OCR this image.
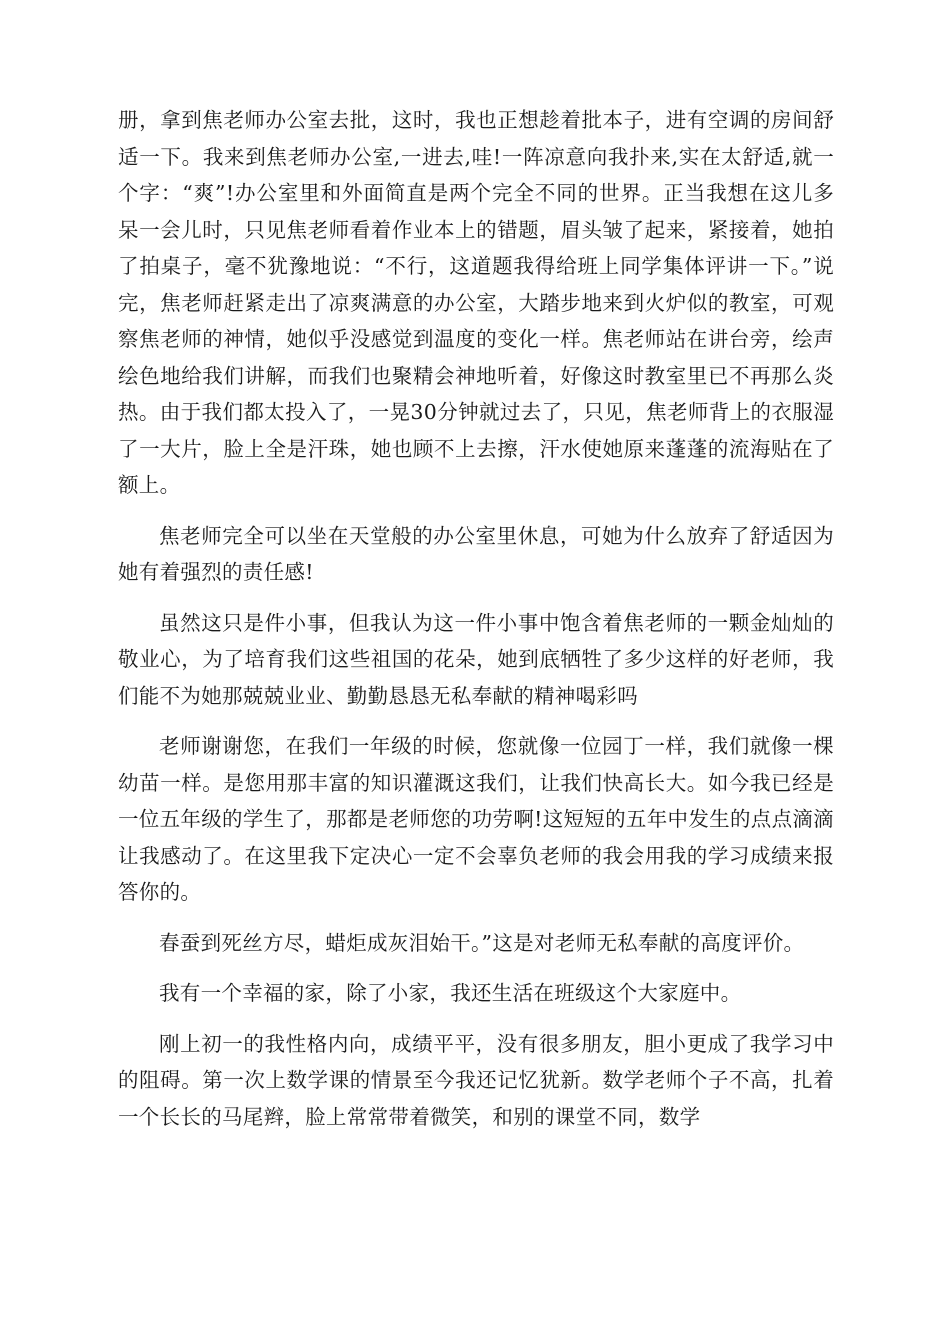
册，拿到焦老师办公室去批，这时，我也正想趁着批本子，进有空调的房间舒适一下。我来到焦老师办公室,一进去,哇!一阵凉意向我扑来,实在太舒适,就一个字：“爽”!办公室里和外面简直是两个完全不同的世界。正当我想在这儿多呆一会儿时，只见焦老师看着作业本上的错题，眉头皱了起来，紧接着，她拍了拍桌子，毫不犹豫地说：“不行，这道题我得给班上同学集体评讲一下。”说完，焦老师赶紧走出了凉爽满意的办公室，大踏步地来到火炉似的教室，可观察焦老师的神情，她似乎没感觉到温度的变化一样。焦老师站在讲台旁，绘声绘色地给我们讲解，而我们也聚精会神地听着，好像这时教室里已不再那么炎热。由于我们都太投入了，一晃30分钟就过去了，只见，焦老师背上的衣服湿了一大片，脸上全是汗珠，她也顾不上去擦，汗水使她原来蓬蓬的流海贴在了额上。

焦老师完全可以坐在天堂般的办公室里休息，可她为什么放弃了舒适因为她有着强烈的责任感!

虽然这只是件小事，但我认为这一件小事中饱含着焦老师的一颗金灿灿的敬业心，为了培育我们这些祖国的花朵，她到底牺牲了多少这样的好老师，我们能不为她那兢兢业业、勤勤恳恳无私奉献的精神喝彩吗

老师谢谢您，在我们一年级的时候，您就像一位园丁一样，我们就像一棵幼苗一样。是您用那丰富的知识灌溉这我们，让我们快高长大。如今我已经是一位五年级的学生了，那都是老师您的功劳啊!这短短的五年中发生的点点滴滴让我感动了。在这里我下定决心一定不会辜负老师的我会用我的学习成绩来报答你的。

春蚕到死丝方尽，蜡炬成灰泪始干。”这是对老师无私奉献的高度评价。

我有一个幸福的家，除了小家，我还生活在班级这个大家庭中。

刚上初一的我性格内向，成绩平平，没有很多朋友，胆小更成了我学习中的阻碍。第一次上数学课的情景至今我还记忆犹新。数学老师个子不高，扎着一个长长的马尾辫，脸上常常带着微笑，和别的课堂不同，数学
